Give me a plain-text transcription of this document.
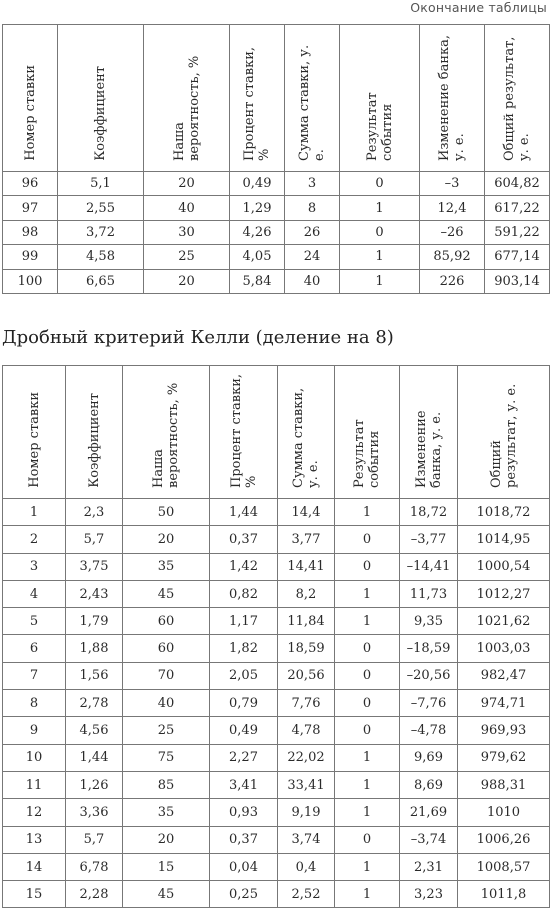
Окончание таблицы
Номер ставки	Коэффициент	Наша вероятность, %	Процент ставки, %	Сумма ставки, у. е.	Результат события	Изменение банка, у. е.	Общий результат, у. е.
96	5,1	20	0,49	3	0	–3	604,82
97	2,55	40	1,29	8	1	12,4	617,22
98	3,72	30	4,26	26	0	–26	591,22
99	4,58	25	4,05	24	1	85,92	677,14
100	6,65	20	5,84	40	1	226	903,14
Дробный критерий Келли (деление на 8)
Номер ставки	Коэффициент	Наша вероятность, %	Процент ставки, %	Сумма ставки, у. е.	Результат события	Изменение банка, у. е.	Общий результат, у. е.
1	2,3	50	1,44	14,4	1	18,72	1018,72
2	5,7	20	0,37	3,77	0	–3,77	1014,95
3	3,75	35	1,42	14,41	0	–14,41	1000,54
4	2,43	45	0,82	8,2	1	11,73	1012,27
5	1,79	60	1,17	11,84	1	9,35	1021,62
6	1,88	60	1,82	18,59	0	–18,59	1003,03
7	1,56	70	2,05	20,56	0	–20,56	982,47
8	2,78	40	0,79	7,76	0	–7,76	974,71
9	4,56	25	0,49	4,78	0	–4,78	969,93
10	1,44	75	2,27	22,02	1	9,69	979,62
11	1,26	85	3,41	33,41	1	8,69	988,31
12	3,36	35	0,93	9,19	1	21,69	1010
13	5,7	20	0,37	3,74	0	–3,74	1006,26
14	6,78	15	0,04	0,4	1	2,31	1008,57
15	2,28	45	0,25	2,52	1	3,23	1011,8
